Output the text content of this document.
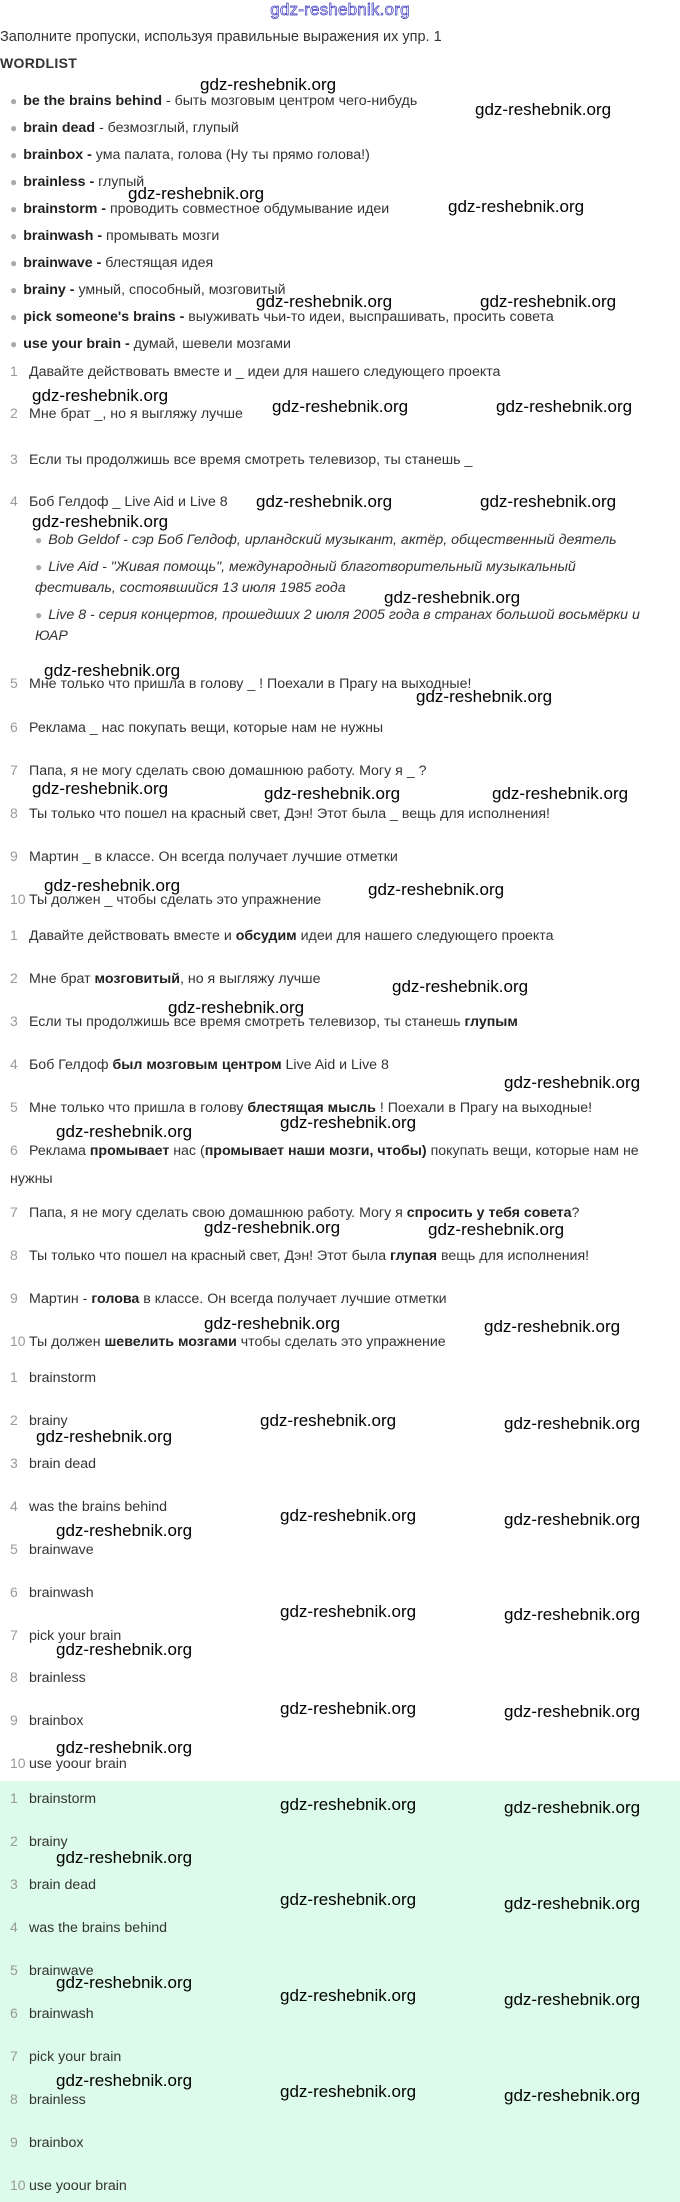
gdz-reshebnik.org
Заполните пропуски, используя правильные выражения их упр. 1
WORDLIST
● be the brains behind - быть мозговым центром чего-нибудь
● brain dead - безмозглый, глупый
● brainbox - ума палата, голова (Ну ты прямо голова!)
● brainless - глупый
● brainstorm - проводить совместное обдумывание идеи
● brainwash - промывать мозги
● brainwave - блестящая идея
● brainy - умный, способный, мозговитый
● pick someone's brains - выуживать чьи-то идеи, выспрашивать, просить совета
● use your brain - думай, шевели мозгами
1 Давайте действовать вместе и _ идеи для нашего следующего проекта
2 Мне брат _, но я выгляжу лучше
3 Если ты продолжишь все время смотреть телевизор, ты станешь _
4 Боб Гелдоф _ Live Aid и Live 8
● Bob Geldof - сэр Боб Гелдоф, ирландский музыкант, актёр, общественный деятель
● Live Aid - "Живая помощь", международный благотворительный музыкальный фестиваль, состоявшийся 13 июля 1985 года
● Live 8 - серия концертов, прошедших 2 июля 2005 года в странах большой восьмёрки и ЮАР
5 Мне только что пришла в голову _ ! Поехали в Прагу на выходные!
6 Реклама _ нас покупать вещи, которые нам не нужны
7 Папа, я не могу сделать свою домашнюю работу. Могу я _ ?
8 Ты только что пошел на красный свет, Дэн! Этот была _ вещь для исполнения!
9 Мартин _ в классе. Он всегда получает лучшие отметки
10 Ты должен _ чтобы сделать это упражнение
1 Давайте действовать вместе и обсудим идеи для нашего следующего проекта
2 Мне брат мозговитый, но я выгляжу лучше
3 Если ты продолжишь все время смотреть телевизор, ты станешь глупым
4 Боб Гелдоф был мозговым центром Live Aid и Live 8
5 Мне только что пришла в голову блестящая мысль ! Поехали в Прагу на выходные!
6 Реклама промывает нас (промывает наши мозги, чтобы) покупать вещи, которые нам не нужны
7 Папа, я не могу сделать свою домашнюю работу. Могу я спросить у тебя совета?
8 Ты только что пошел на красный свет, Дэн! Этот была глупая вещь для исполнения!
9 Мартин - голова в классе. Он всегда получает лучшие отметки
10 Ты должен шевелить мозгами чтобы сделать это упражнение
1 brainstorm
2 brainy
3 brain dead
4 was the brains behind
5 brainwave
6 brainwash
7 pick your brain
8 brainless
9 brainbox
10 use yoour brain
1 brainstorm
2 brainy
3 brain dead
4 was the brains behind
5 brainwave
6 brainwash
7 pick your brain
8 brainless
9 brainbox
10 use yoour brain
gdz-reshebnik.org
gdz-reshebnik.org
gdz-reshebnik.org
gdz-reshebnik.org
gdz-reshebnik.org	gdz-reshebnik.org
gdz-reshebnik.org
gdz-reshebnik.org	gdz-reshebnik.org
gdz-reshebnik.org	gdz-reshebnik.org
gdz-reshebnik.org
gdz-reshebnik.org
gdz-reshebnik.org
gdz-reshebnik.org
gdz-reshebnik.org	gdz-reshebnik.org	gdz-reshebnik.org
gdz-reshebnik.org	gdz-reshebnik.org
gdz-reshebnik.org
gdz-reshebnik.org
gdz-reshebnik.org
gdz-reshebnik.org
gdz-reshebnik.org
gdz-reshebnik.org	gdz-reshebnik.org
gdz-reshebnik.org	gdz-reshebnik.org
gdz-reshebnik.org	gdz-reshebnik.org
gdz-reshebnik.org
gdz-reshebnik.org	gdz-reshebnik.org
gdz-reshebnik.org
gdz-reshebnik.org	gdz-reshebnik.org
gdz-reshebnik.org
gdz-reshebnik.org	gdz-reshebnik.org
gdz-reshebnik.org
gdz-reshebnik.org	gdz-reshebnik.org
gdz-reshebnik.org
gdz-reshebnik.org	gdz-reshebnik.org
gdz-reshebnik.org
gdz-reshebnik.org	gdz-reshebnik.org
gdz-reshebnik.org
gdz-reshebnik.org	gdz-reshebnik.org
